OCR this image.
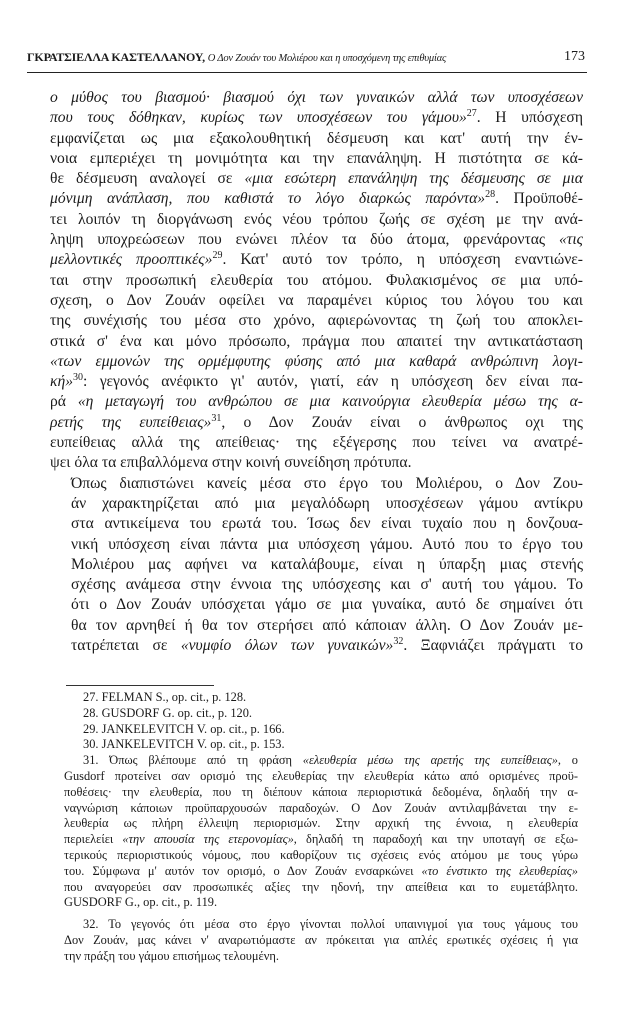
ΓΚΡΑΤΣΙΕΛΛΑ ΚΑΣΤΕΛΛΑΝΟΥ, Ο Δον Ζουάν του Μολιέρου και η υποσχόμενη της επιθυμίας	173

ο μύθος του βιασμού· βιασμού όχι των γυναικών αλλά των υποσχέσεων
που τους δόθηκαν, κυρίως των υποσχέσεων του γάμου»$^{27}$. Η υπόσχεση
εμφανίζεται ως μια εξακολουθητική δέσμευση και κατ' αυτή την έν-
νοια εμπεριέχει τη μονιμότητα και την επανάληψη. Η πιστότητα σε κά-
θε δέσμευση αναλογεί σε «μια εσώτερη επανάληψη της δέσμευσης σε μια
μόνιμη ανάπλαση, που καθιστά το λόγο διαρκώς παρόντα»$^{28}$. Προϋποθέ-
τει λοιπόν τη διοργάνωση ενός νέου τρόπου ζωής σε σχέση με την ανά-
ληψη υποχρεώσεων που ενώνει πλέον τα δύο άτομα, φρενάροντας «τις
μελλοντικές προοπτικές»$^{29}$. Κατ' αυτό τον τρόπο, η υπόσχεση εναντιώνε-
ται στην προσωπική ελευθερία του ατόμου. Φυλακισμένος σε μια υπό-
σχεση, ο Δον Ζουάν οφείλει να παραμένει κύριος του λόγου του και
της συνέχισής του μέσα στο χρόνο, αφιερώνοντας τη ζωή του αποκλει-
στικά σ' ένα και μόνο πρόσωπο, πράγμα που απαιτεί την αντικατάσταση
«των εμμονών της ορμέμφυτης φύσης από μια καθαρά ανθρώπινη λογι-
κή»$^{30}$: γεγονός ανέφικτο γι' αυτόν, γιατί, εάν η υπόσχεση δεν είναι πα-
ρά «η μεταγωγή του ανθρώπου σε μια καινούργια ελευθερία μέσω της α-
ρετής της ευπείθειας»$^{31}$, ο Δον Ζουάν είναι ο άνθρωπος οχι της
ευπείθειας αλλά της απείθειας· της εξέγερσης που τείνει να ανατρέ-
ψει όλα τα επιβαλλόμενα στην κοινή συνείδηση πρότυπα.

Όπως διαπιστώνει κανείς μέσα στο έργο του Μολιέρου, ο Δον Ζου-
άν χαρακτηρίζεται από μια μεγαλόδωρη υποσχέσεων γάμου αντίκρυ
στα αντικείμενα του ερωτά του. Ίσως δεν είναι τυχαίο που η δονζουα-
νική υπόσχεση είναι πάντα μια υπόσχεση γάμου. Αυτό που το έργο του
Μολιέρου μας αφήνει να καταλάβουμε, είναι η ύπαρξη μιας στενής
σχέσης ανάμεσα στην έννοια της υπόσχεσης και σ' αυτή του γάμου. Το
ότι ο Δον Ζουάν υπόσχεται γάμο σε μια γυναίκα, αυτό δε σημαίνει ότι
θα τον αρνηθεί ή θα τον στερήσει από κάποιαν άλλη. Ο Δον Ζουάν με-
τατρέπεται σε «νυμφίο όλων των γυναικών»$^{32}$. Ξαφνιάζει πράγματι το

27. FELMAN S., op. cit., p. 128.
28. GUSDORF G. op. cit., p. 120.
29. JANKELEVITCH V. op. cit., p. 166.
30. JANKELEVITCH V. op. cit., p. 153.
31. Όπως βλέπουμε από τη φράση «ελευθερία μέσω της αρετής της ευπείθειας», ο
Gusdorf προτείνει σαν ορισμό της ελευθερίας την ελευθερία κάτω από ορισμένες προϋ-
ποθέσεις· την ελευθερία, που τη διέπουν κάποια περιοριστικά δεδομένα, δηλαδή την α-
ναγνώριση κάποιων προϋπαρχουσών παραδοχών. Ο Δον Ζουάν αντιλαμβάνεται την ε-
λευθερία ως πλήρη έλλειψη περιορισμών. Στην αρχική της έννοια, η ελευθερία
περιελείει «την απουσία της ετερονομίας», δηλαδή τη παραδοχή και την υποταγή σε εξω-
τερικούς περιοριστικούς νόμους, που καθορίζουν τις σχέσεις ενός ατόμου με τους γύρω
του. Σύμφωνα μ' αυτόν τον ορισμό, ο Δον Ζουάν ενσαρκώνει «το ένστικτο της ελευθερίας»
που αναγορεύει σαν προσωπικές αξίες την ηδονή, την απείθεια και το ευμετάβλητο.
GUSDORF G., op. cit., p. 119.
32. Το γεγονός ότι μέσα στο έργο γίνονται πολλοί υπαινιγμοί για τους γάμους του
Δον Ζουάν, μας κάνει ν' αναρωτιόμαστε αν πρόκειται για απλές ερωτικές σχέσεις ή για
την πράξη του γάμου επισήμως τελουμένη.
